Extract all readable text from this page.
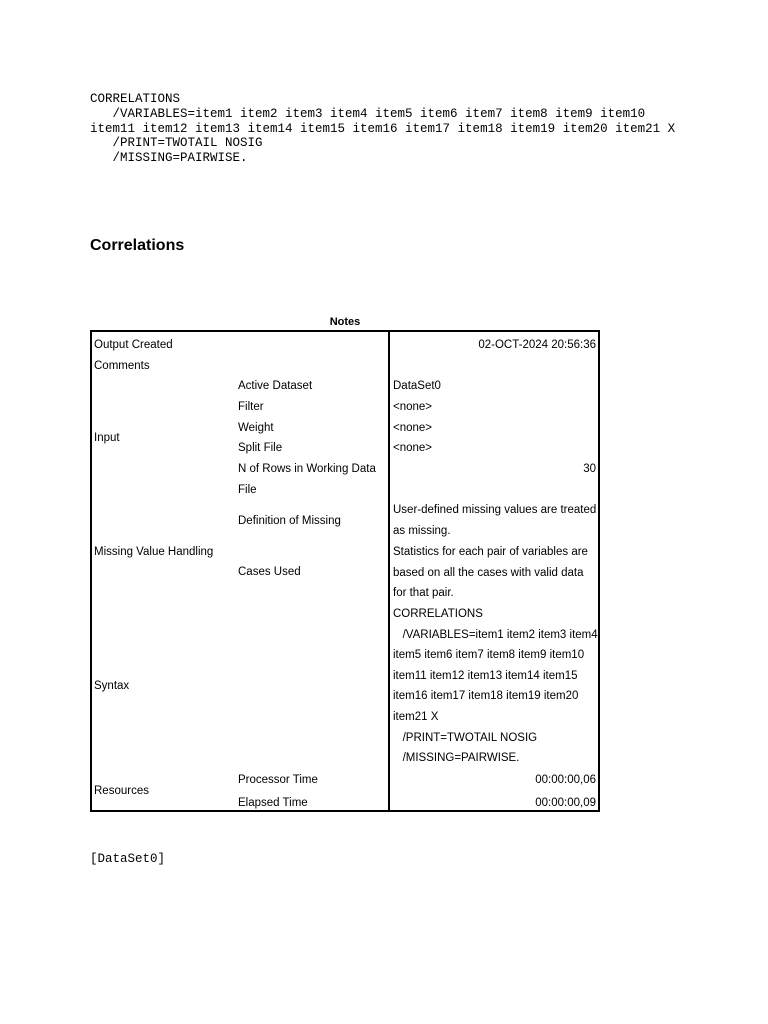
CORRELATIONS
/VARIABLES=item1 item2 item3 item4 item5 item6 item7 item8 item9 item10
item11 item12 item13 item14 item15 item16 item17 item18 item19 item20 item21 X
/PRINT=TWOTAIL NOSIG
/MISSING=PAIRWISE.
Correlations
Notes
Output Created
Comments
Input
Missing Value Handling
Syntax
Resources
Active Dataset
Filter
Weight
Split File
N of Rows in Working Data
File
Definition of Missing
Cases Used
Processor Time
Elapsed Time
02-OCT-2024 20:56:36
DataSet0
<none>
<none>
<none>
30
User-defined missing values are treated
as missing.
Statistics for each pair of variables are
based on all the cases with valid data
for that pair.
CORRELATIONS
/VARIABLES=item1 item2 item3 item4
item5 item6 item7 item8 item9 item10
item11 item12 item13 item14 item15
item16 item17 item18 item19 item20
item21 X
/PRINT=TWOTAIL NOSIG
/MISSING=PAIRWISE.
00:00:00,06
00:00:00,09
[DataSet0]
